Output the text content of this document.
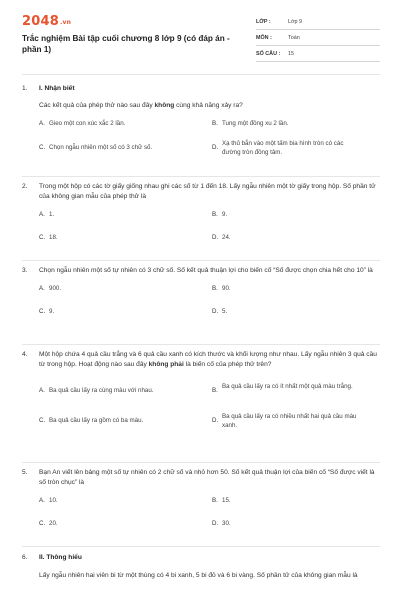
2048.vn
Trắc nghiệm Bài tập cuối chương 8 lớp 9 (có đáp án - phần 1)
LỚP :	Lớp 9
MÔN :	Toán
SỐ CÂU : 15
1. I. Nhận biết
Các kết quả của phép thử nào sau đây không cùng khả năng xảy ra?
A. Gieo một con xúc xắc 2 lần.	B. Tung một đồng xu 2 lần.
C. Chọn ngẫu nhiên một số có 3 chữ số.	D.
Xạ thủ bắn vào một tấm bia hình tròn có các đường tròn đồng tâm.
2. Trong một hộp có các tờ giấy giống nhau ghi các số từ 1 đến 18. Lấy ngẫu nhiên một tờ giấy trong hộp. Số phần tử của không gian mẫu của phép thử là
A. 1.	B. 9.
C. 18.	D. 24.
3. Chọn ngẫu nhiên một số tự nhiên có 3 chữ số. Số kết quả thuận lợi cho biến cố “Số được chọn chia hết cho 10” là
A. 900.	B. 90.
C. 9.	D. 5.
4. Một hộp chứa 4 quả cầu trắng và 6 quả cầu xanh có kích thước và khối lượng như nhau. Lấy ngẫu nhiên 3 quả cầu từ trong hộp. Hoạt động nào sau đây không phải là biến cố của phép thử trên?
A. Ba quả cầu lấy ra cùng màu với nhau.	B.
Ba quả cầu lấy ra có ít nhất một quả màu trắng.
C. Ba quả cầu lấy ra gồm có ba màu.	D.
Ba quả cầu lấy ra có nhiều nhất hai quả cầu màu xanh.
5. Bạn An viết lên bảng một số tự nhiên có 2 chữ số và nhỏ hơn 50. Số kết quả thuận lợi của biến cố “Số được viết là số tròn chục” là
A. 10.	B. 15.
C. 20.	D. 30.
6. II. Thông hiểu
Lấy ngẫu nhiên hai viên bi từ một thùng có 4 bi xanh, 5 bi đỏ và 6 bi vàng. Số phần tử của không gian mẫu là
